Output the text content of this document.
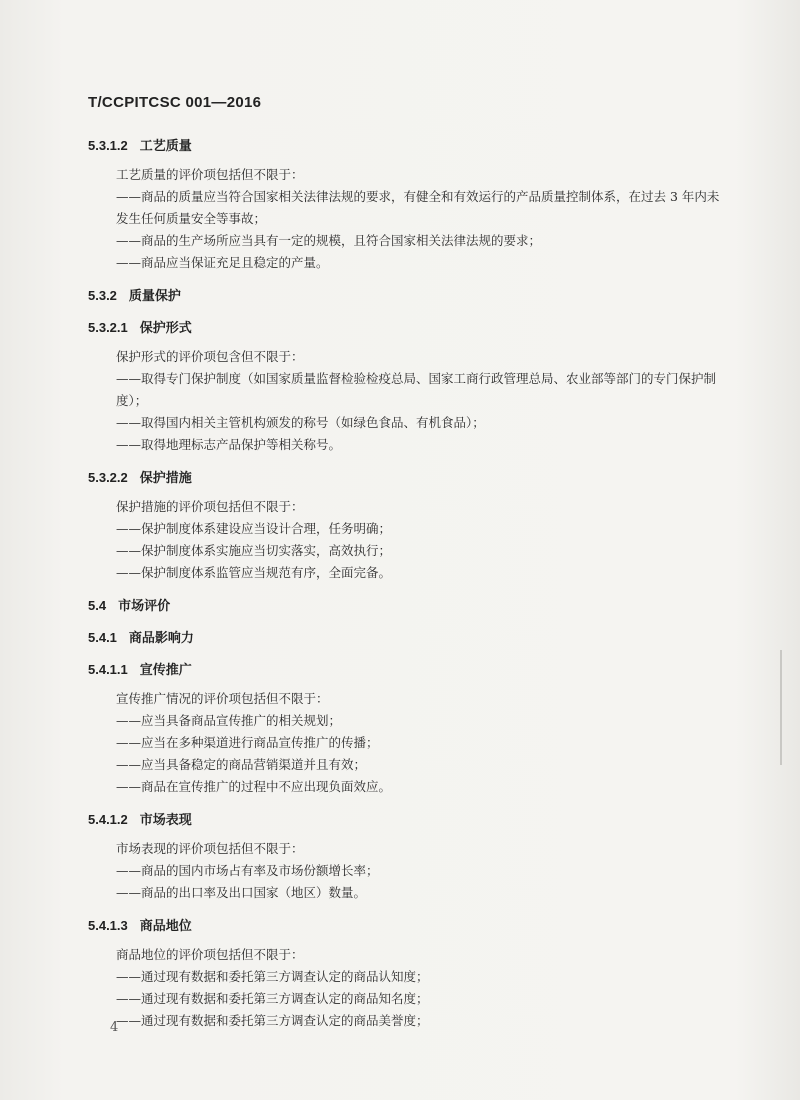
T/CCPITCSC 001—2016

5.3.1.2 工艺质量

工艺质量的评价项包括但不限于：

——商品的质量应当符合国家相关法律法规的要求，有健全和有效运行的产品质量控制体系，在过去 3 年内未发生任何质量安全等事故；

——商品的生产场所应当具有一定的规模，且符合国家相关法律法规的要求；

——商品应当保证充足且稳定的产量。

5.3.2 质量保护

5.3.2.1 保护形式

保护形式的评价项包含但不限于：

——取得专门保护制度（如国家质量监督检验检疫总局、国家工商行政管理总局、农业部等部门的专门保护制度）；

——取得国内相关主管机构颁发的称号（如绿色食品、有机食品）；

——取得地理标志产品保护等相关称号。

5.3.2.2 保护措施

保护措施的评价项包括但不限于：

——保护制度体系建设应当设计合理，任务明确；

——保护制度体系实施应当切实落实，高效执行；

——保护制度体系监管应当规范有序，全面完备。

5.4 市场评价

5.4.1 商品影响力

5.4.1.1 宣传推广

宣传推广情况的评价项包括但不限于：

——应当具备商品宣传推广的相关规划；

——应当在多种渠道进行商品宣传推广的传播；

——应当具备稳定的商品营销渠道并且有效；

——商品在宣传推广的过程中不应出现负面效应。

5.4.1.2 市场表现

市场表现的评价项包括但不限于：

——商品的国内市场占有率及市场份额增长率；

——商品的出口率及出口国家（地区）数量。

5.4.1.3 商品地位

商品地位的评价项包括但不限于：

——通过现有数据和委托第三方调查认定的商品认知度；

——通过现有数据和委托第三方调查认定的商品知名度；

——通过现有数据和委托第三方调查认定的商品美誉度；

4
